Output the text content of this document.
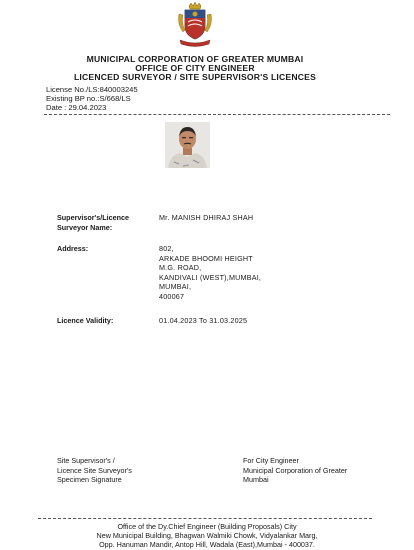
MUNICIPAL CORPORATION OF GREATER MUMBAI
OFFICE OF CITY ENGINEER
LICENCED SURVEYOR / SITE SUPERVISOR'S LICENCES
License No./LS:840003245
Existing BP no.:S/668/LS
Date : 29.04.2023
Supervisor's/Licence
Surveyor Name:
Mr. MANISH DHIRAJ SHAH
Address:	802,
ARKADE BHOOMI HEIGHT
M.G. ROAD,
KANDIVALI (WEST),MUMBAI,
MUMBAI,
400067
Licence Validity:	01.04.2023 To 31.03.2025
Site Supervisor's /
Licence Site Surveyor's
Specimen Signature
For City Engineer
Municipal Corporation of Greater
Mumbai
Office of the Dy.Chief Engineer (Building Proposals) City
New Municipal Building, Bhagwan Walmiki Chowk, Vidyalankar Marg,
Opp. Hanuman Mandir, Antop Hill, Wadala (East),Mumbai - 400037.
